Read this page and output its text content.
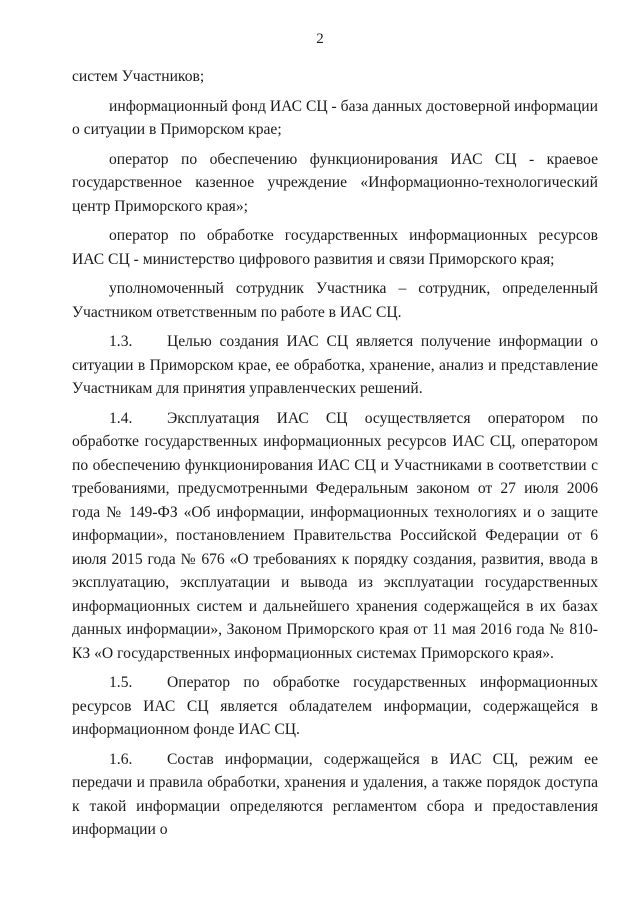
2

систем Участников;

информационный фонд ИАС СЦ - база данных достоверной информации о ситуации в Приморском крае;

оператор по обеспечению функционирования ИАС СЦ - краевое государственное казенное учреждение «Информационно-технологический центр Приморского края»;

оператор по обработке государственных информационных ресурсов ИАС СЦ - министерство цифрового развития и связи Приморского края;

уполномоченный сотрудник Участника – сотрудник, определенный Участником ответственным по работе в ИАС СЦ.

1.3. Целью создания ИАС СЦ является получение информации о ситуации в Приморском крае, ее обработка, хранение, анализ и представление Участникам для принятия управленческих решений.

1.4. Эксплуатация ИАС СЦ осуществляется оператором по обработке государственных информационных ресурсов ИАС СЦ, оператором по обеспечению функционирования ИАС СЦ и Участниками в соответствии с требованиями, предусмотренными Федеральным законом от 27 июля 2006 года № 149-ФЗ «Об информации, информационных технологиях и о защите информации», постановлением Правительства Российской Федерации от 6 июля 2015 года № 676 «О требованиях к порядку создания, развития, ввода в эксплуатацию, эксплуатации и вывода из эксплуатации государственных информационных систем и дальнейшего хранения содержащейся в их базах данных информации», Законом Приморского края от 11 мая 2016 года № 810-КЗ «О государственных информационных системах Приморского края».

1.5. Оператор по обработке государственных информационных ресурсов ИАС СЦ является обладателем информации, содержащейся в информационном фонде ИАС СЦ.

1.6. Состав информации, содержащейся в ИАС СЦ, режим ее передачи и правила обработки, хранения и удаления, а также порядок доступа к такой информации определяются регламентом сбора и предоставления информации о
